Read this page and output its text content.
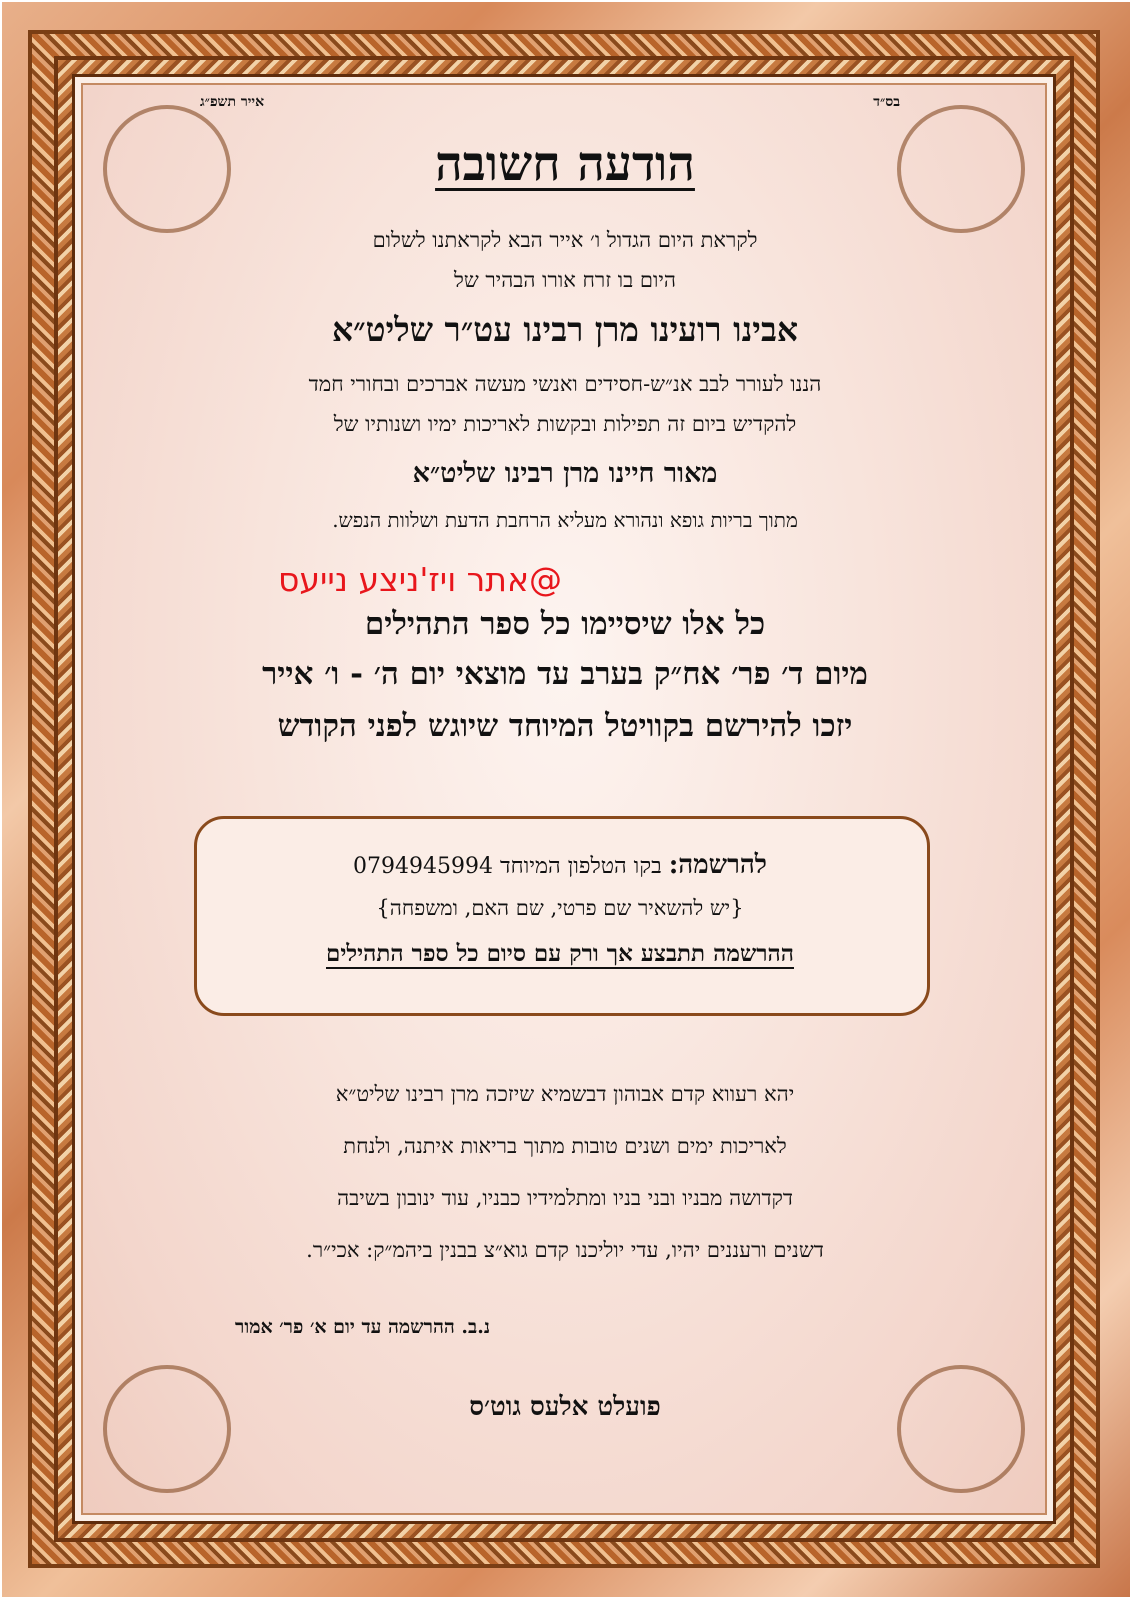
אייר תשפ״ג	בס״ד
הודעה חשובה
לקראת היום הגדול ו׳ אייר הבא לקראתנו לשלום
היום בו זרח אורו הבהיר של
אבינו רועינו מרן רבינו עט״ר שליט״א
הננו לעורר לבב אנ״ש-חסידים ואנשי מעשה אברכים ובחורי חמד
להקדיש ביום זה תפילות ובקשות לאריכות ימיו ושנותיו של
מאור חיינו מרן רבינו שליט״א
מתוך בריות גופא ונהורא מעליא הרחבת הדעת ושלוות הנפש.
@אתר ויז'ניצע נייעס
כל אלו שיסיימו כל ספר התהילים
מיום ד׳ פר׳ אח״ק בערב עד מוצאי יום ה׳ - ו׳ אייר
יזכו להירשם בקוויטל המיוחד שיוגש לפני הקודש
להרשמה: בקו הטלפון המיוחד 0794945994
{יש להשאיר שם פרטי, שם האם, ומשפחה}
ההרשמה תתבצע אך ורק עם סיום כל ספר התהילים
יהא רעווא קדם אבוהון דבשמיא שיזכה מרן רבינו שליט״א
לאריכות ימים ושנים טובות מתוך בריאות איתנה, ולנחת
דקדושה מבניו ובני בניו ומתלמידיו כבניו, עוד ינובון בשיבה
דשנים ורעננים יהיו, עדי יוליכנו קדם גוא״צ בבנין ביהמ״ק: אכי״ר.
נ.ב. ההרשמה עד יום א׳ פר׳ אמור
פועלט אלעס גוט׳ס
